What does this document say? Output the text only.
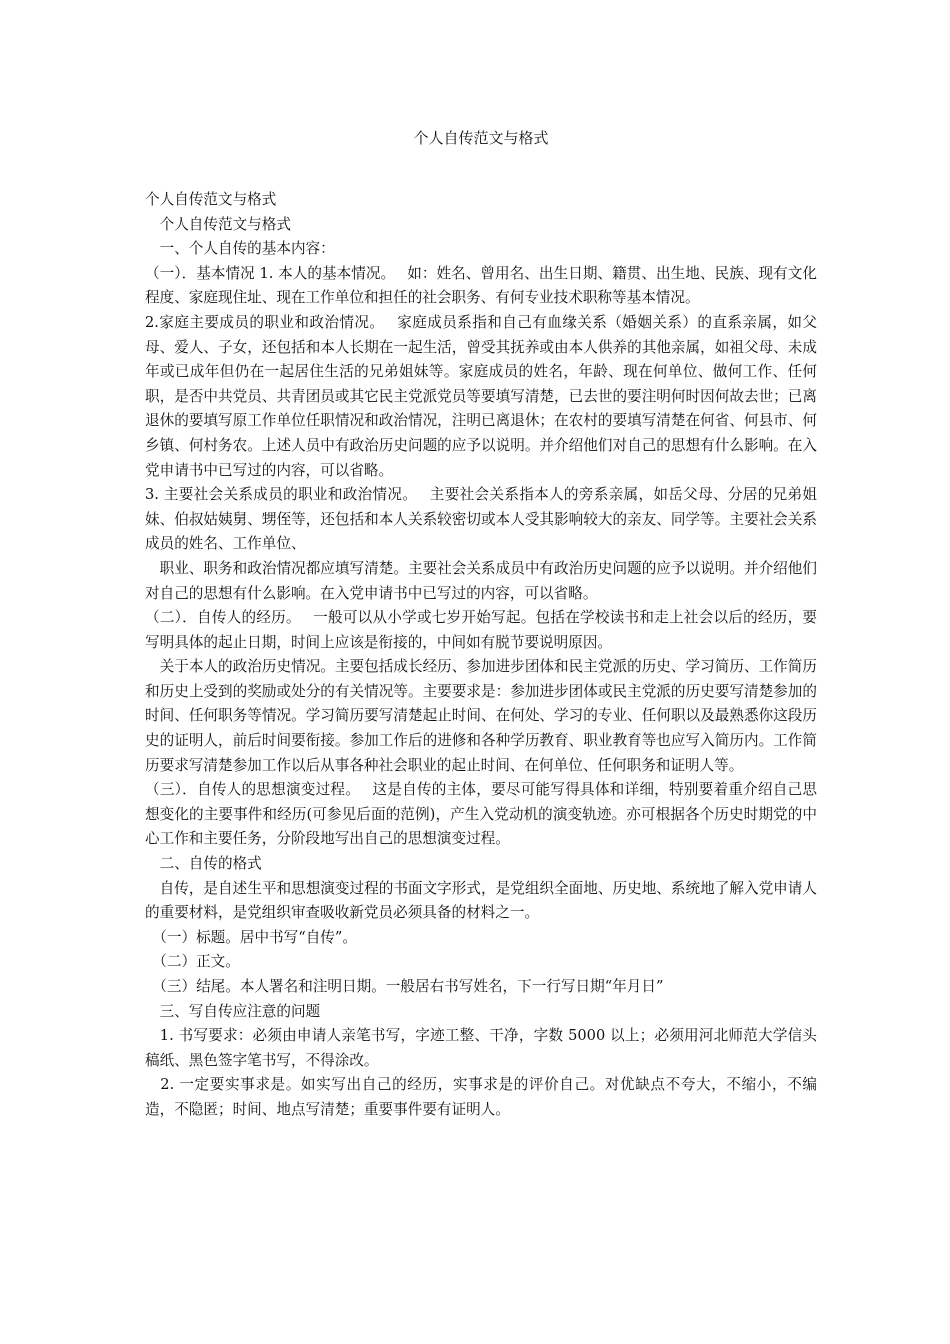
个人自传范文与格式

个人自传范文与格式

　个人自传范文与格式

　一、个人自传的基本内容：

（一）．基本情况 1. 本人的基本情况。　 如：姓名、曾用名、出生日期、籍贯、出生地、民族、现有文化程度、家庭现住址、现在工作单位和担任的社会职务、有何专业技术职称等基本情况。

2.家庭主要成员的职业和政治情况。　 家庭成员系指和自己有血缘关系（婚姻关系）的直系亲属，如父母、爱人、子女，还包括和本人长期在一起生活，曾受其抚养或由本人供养的其他亲属，如祖父母、未成年或已成年但仍在一起居住生活的兄弟姐妹等。家庭成员的姓名，年龄、现在何单位、做何工作、任何职，是否中共党员、共青团员或其它民主党派党员等要填写清楚，已去世的要注明何时因何故去世；已离退休的要填写原工作单位任职情况和政治情况，注明已离退休；在农村的要填写清楚在何省、何县市、何乡镇、何村务农。上述人员中有政治历史问题的应予以说明。并介绍他们对自己的思想有什么影响。在入党申请书中已写过的内容，可以省略。

3. 主要社会关系成员的职业和政治情况。　 主要社会关系指本人的旁系亲属，如岳父母、分居的兄弟姐妹、伯叔姑姨舅、甥侄等，还包括和本人关系较密切或本人受其影响较大的亲友、同学等。主要社会关系成员的姓名、工作单位、

　职业、职务和政治情况都应填写清楚。主要社会关系成员中有政治历史问题的应予以说明。并介绍他们对自己的思想有什么影响。在入党申请书中已写过的内容，可以省略。

（二）．自传人的经历。　 一般可以从小学或七岁开始写起。包括在学校读书和走上社会以后的经历，要写明具体的起止日期，时间上应该是衔接的，中间如有脱节要说明原因。

　关于本人的政治历史情况。主要包括成长经历、参加进步团体和民主党派的历史、学习简历、工作简历和历史上受到的奖励或处分的有关情况等。主要要求是：参加进步团体或民主党派的历史要写清楚参加的时间、任何职务等情况。学习简历要写清楚起止时间、在何处、学习的专业、任何职以及最熟悉你这段历史的证明人，前后时间要衔接。参加工作后的进修和各种学历教育、职业教育等也应写入简历内。工作简历要求写清楚参加工作以后从事各种社会职业的起止时间、在何单位、任何职务和证明人等。

（三）．自传人的思想演变过程。　 这是自传的主体，要尽可能写得具体和详细，特别要着重介绍自己思想变化的主要事件和经历(可参见后面的范例)，产生入党动机的演变轨迹。亦可根据各个历史时期党的中心工作和主要任务，分阶段地写出自己的思想演变过程。

　二、自传的格式

　自传，是自述生平和思想演变过程的书面文字形式，是党组织全面地、历史地、系统地了解入党申请人的重要材料，是党组织审查吸收新党员必须具备的材料之一。

　（一）标题。居中书写“自传”。

　（二）正文。

　（三）结尾。本人署名和注明日期。一般居右书写姓名，下一行写日期“年月日”

　三、写自传应注意的问题

　1. 书写要求：必须由申请人亲笔书写，字迹工整、干净，字数 5000 以上；必须用河北师范大学信头稿纸、黑色签字笔书写，不得涂改。

　2. 一定要实事求是。如实写出自己的经历，实事求是的评价自己。对优缺点不夸大，不缩小，不编造，不隐匿；时间、地点写清楚；重要事件要有证明人。
